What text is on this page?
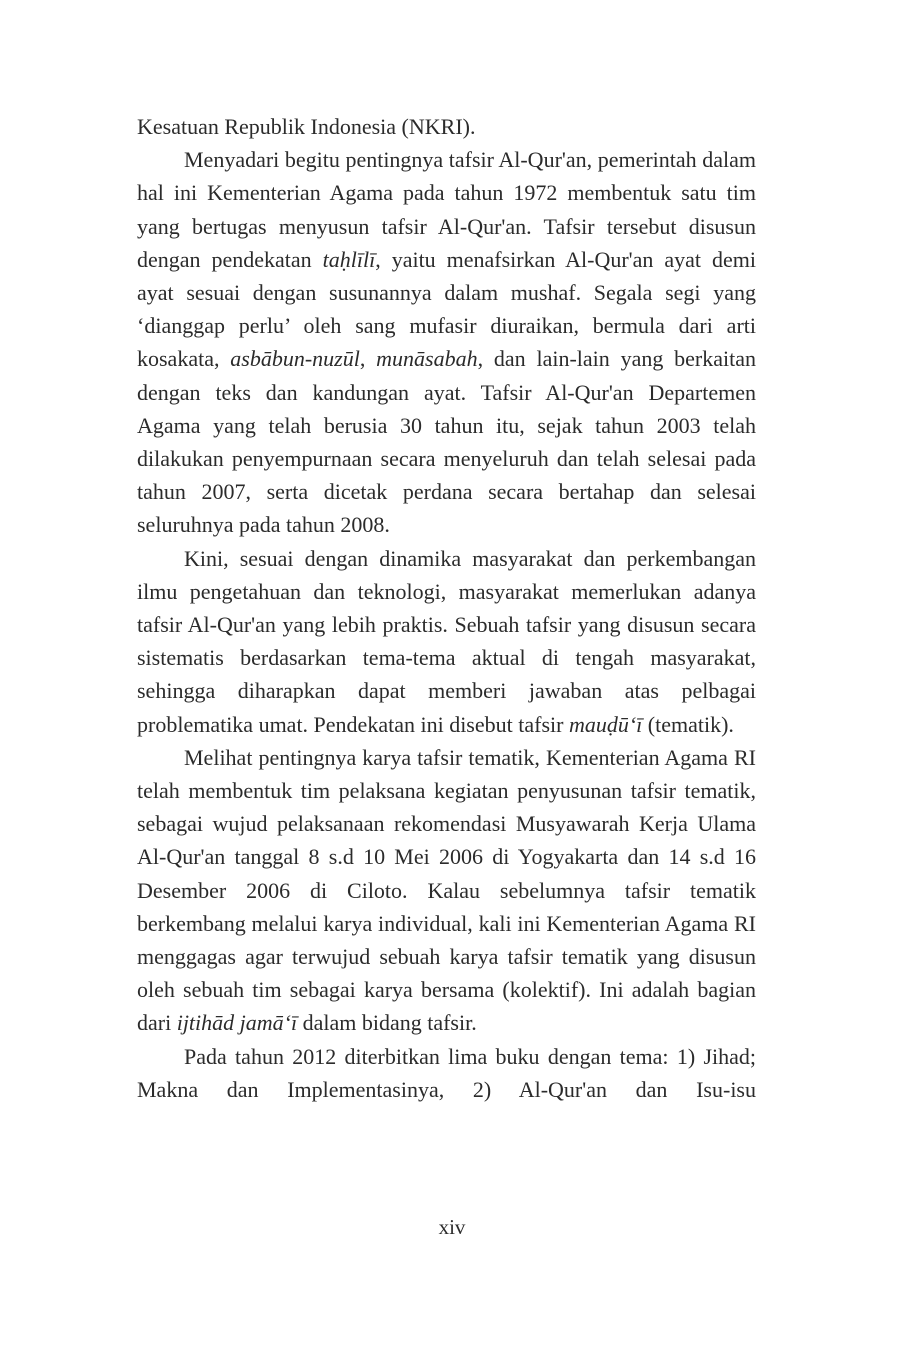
Kesatuan Republik Indonesia (NKRI).

Menyadari begitu pentingnya tafsir Al-Qur'an, pemerintah dalam hal ini Kementerian Agama pada tahun 1972 membentuk satu tim yang bertugas menyusun tafsir Al-Qur'an. Tafsir tersebut disusun dengan pendekatan taḥlīlī, yaitu menafsirkan Al-Qur'an ayat demi ayat sesuai dengan susunannya dalam mushaf. Segala segi yang ‘dianggap perlu’ oleh sang mufasir diuraikan, bermula dari arti kosakata, asbābun-nuzūl, munāsabah, dan lain-lain yang berkaitan dengan teks dan kandungan ayat. Tafsir Al-Qur'an Departemen Agama yang telah berusia 30 tahun itu, sejak tahun 2003 telah dilakukan penyempurnaan secara menyeluruh dan telah selesai pada tahun 2007, serta dicetak perdana secara bertahap dan selesai seluruhnya pada tahun 2008.

Kini, sesuai dengan dinamika masyarakat dan perkembangan ilmu pengetahuan dan teknologi, masyarakat memerlukan adanya tafsir Al-Qur'an yang lebih praktis. Sebuah tafsir yang disusun secara sistematis berdasarkan tema-tema aktual di tengah masyarakat, sehingga diharapkan dapat memberi jawaban atas pelbagai problematika umat. Pendekatan ini disebut tafsir mauḍū‘ī (tematik).

Melihat pentingnya karya tafsir tematik, Kementerian Agama RI telah membentuk tim pelaksana kegiatan penyusunan tafsir tematik, sebagai wujud pelaksanaan rekomendasi Musyawarah Kerja Ulama Al-Qur'an tanggal 8 s.d 10 Mei 2006 di Yogyakarta dan 14 s.d 16 Desember 2006 di Ciloto. Kalau sebelumnya tafsir tematik berkembang melalui karya individual, kali ini Kementerian Agama RI menggagas agar terwujud sebuah karya tafsir tematik yang disusun oleh sebuah tim sebagai karya bersama (kolektif). Ini adalah bagian dari ijtihād jamā‘ī dalam bidang tafsir.

Pada tahun 2012 diterbitkan lima buku dengan tema: 1) Jihad; Makna dan Implementasinya, 2) Al-Qur'an dan Isu-isu

xiv
